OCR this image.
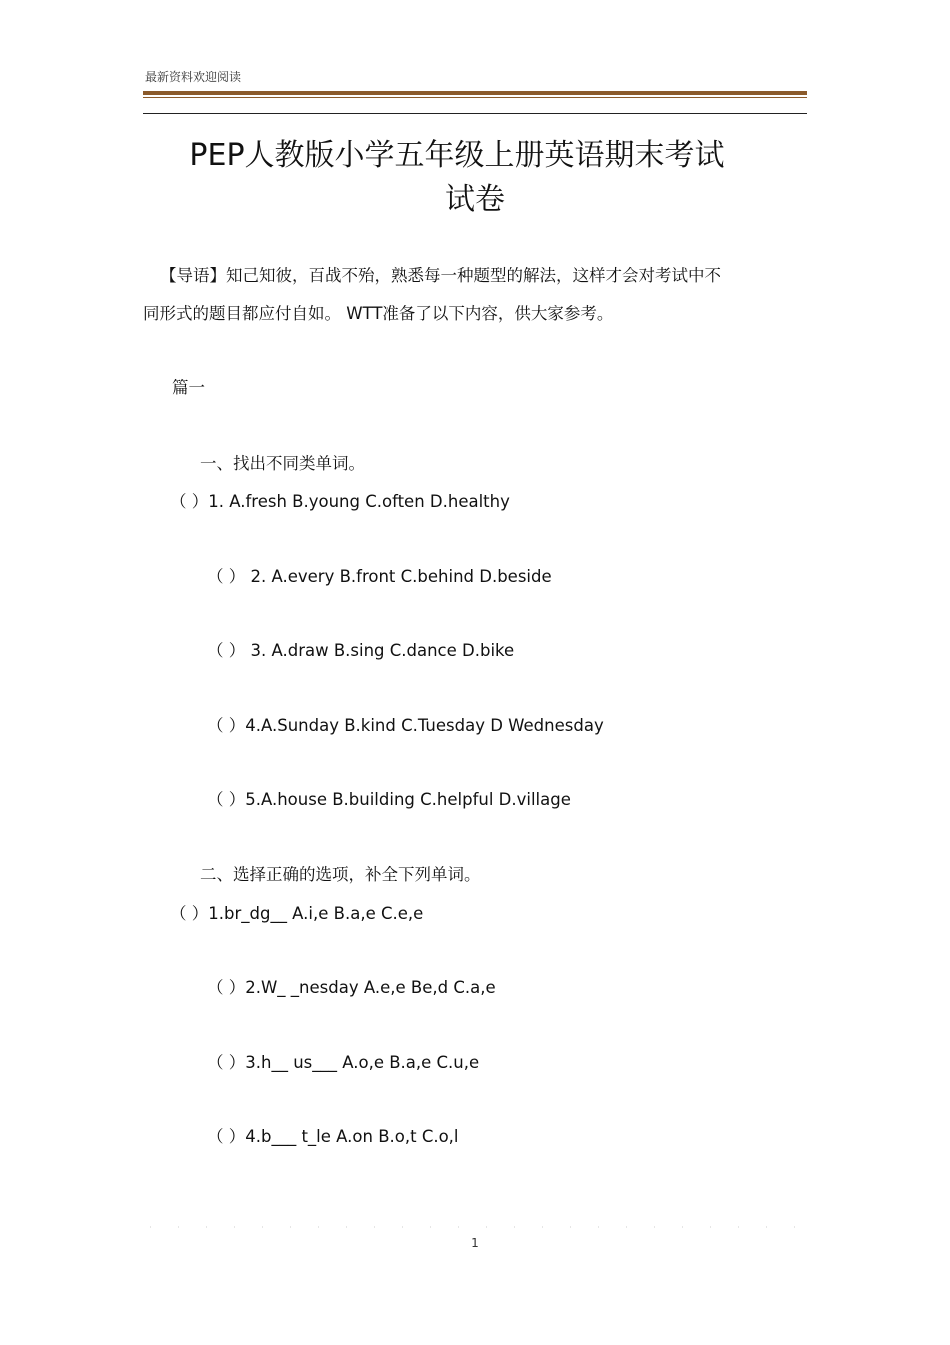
最新资料欢迎阅读
PEP人教版小学五年级上册英语期末考试
试卷
【导语】知己知彼，百战不殆，熟悉每一种题型的解法，这样才会对考试中不
同形式的题目都应付自如。 WTT准备了以下内容，供大家参考。
篇一
一、找出不同类单词。
（ ）1. A.fresh B.young C.often D.healthy
（ ） 2. A.every B.front C.behind D.beside
（ ） 3. A.draw B.sing C.dance D.bike
（ ）4.A.Sunday B.kind C.Tuesday D Wednesday
（ ）5.A.house B.building C.helpful D.village
二、选择正确的选项，补全下列单词。
（ ）1.br_dg__ A.i,e B.a,e C.e,e
（ ）2.W_ _nesday A.e,e Be,d C.a,e
（ ）3.h__ us___ A.o,e B.a,e C.u,e
（ ）4.b___ t_le A.on B.o,t C.o,l
1
